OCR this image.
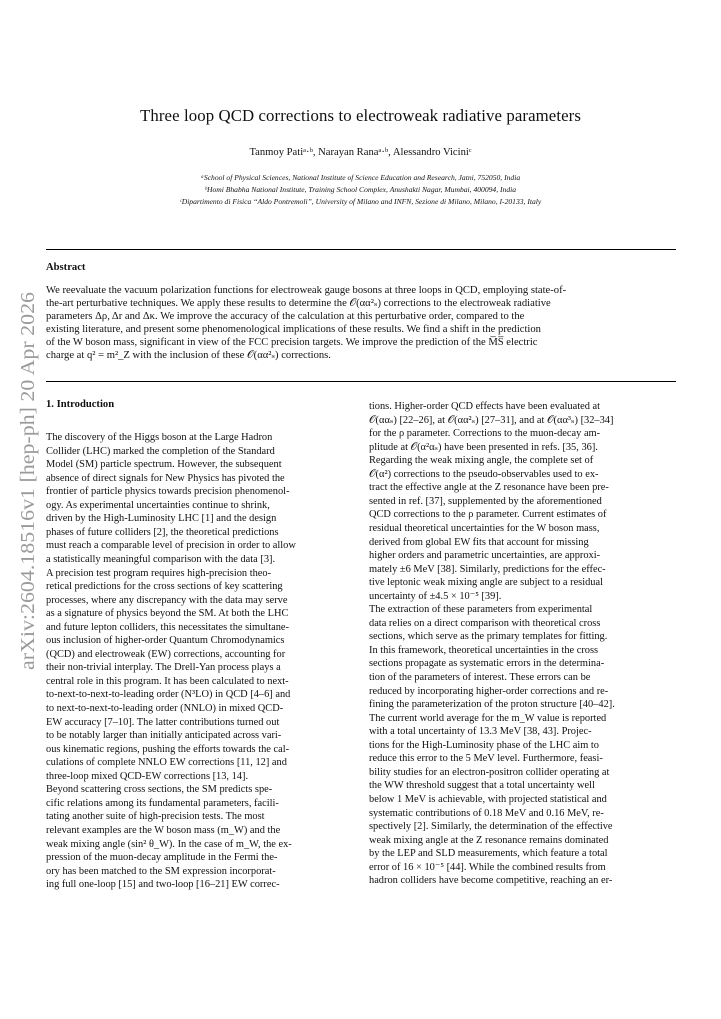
arXiv:2604.18516v1 [hep-ph] 20 Apr 2026
Three loop QCD corrections to electroweak radiative parameters
Tanmoy Patiᵃ·ᵇ, Narayan Ranaᵃ·ᵇ, Alessandro Viciniᶜ
ᵃSchool of Physical Sciences, National Institute of Science Education and Research, Jatni, 752050, India
ᵇHomi Bhabha National Institute, Training School Complex, Anushakti Nagar, Mumbai, 400094, India
ᶜDipartimento di Fisica “Aldo Pontremoli”, University of Milano and INFN, Sezione di Milano, Milano, I-20133, Italy
Abstract
We reevaluate the vacuum polarization functions for electroweak gauge bosons at three loops in QCD, employing state-of-
the-art perturbative techniques. We apply these results to determine the 𝒪(αα²ₛ) corrections to the electroweak radiative
parameters Δρ, Δr and Δκ. We improve the accuracy of the calculation at this perturbative order, compared to the
existing literature, and present some phenomenological implications of these results. We find a shift in the prediction
of the W boson mass, significant in view of the FCC precision targets. We improve the prediction of the M̅S̅ electric
charge at q² = m²_Z with the inclusion of these 𝒪(αα²ₛ) corrections.
1. Introduction
The discovery of the Higgs boson at the Large Hadron
Collider (LHC) marked the completion of the Standard
Model (SM) particle spectrum. However, the subsequent
absence of direct signals for New Physics has pivoted the
frontier of particle physics towards precision phenomenol-
ogy. As experimental uncertainties continue to shrink,
driven by the High-Luminosity LHC [1] and the design
phases of future colliders [2], the theoretical predictions
must reach a comparable level of precision in order to allow
a statistically meaningful comparison with the data [3].
A precision test program requires high-precision theo-
retical predictions for the cross sections of key scattering
processes, where any discrepancy with the data may serve
as a signature of physics beyond the SM. At both the LHC
and future lepton colliders, this necessitates the simultane-
ous inclusion of higher-order Quantum Chromodynamics
(QCD) and electroweak (EW) corrections, accounting for
their non-trivial interplay. The Drell-Yan process plays a
central role in this program. It has been calculated to next-
to-next-to-next-to-leading order (N³LO) in QCD [4–6] and
to next-to-next-to-leading order (NNLO) in mixed QCD-
EW accuracy [7–10]. The latter contributions turned out
to be notably larger than initially anticipated across vari-
ous kinematic regions, pushing the efforts towards the cal-
culations of complete NNLO EW corrections [11, 12] and
three-loop mixed QCD-EW corrections [13, 14].
Beyond scattering cross sections, the SM predicts spe-
cific relations among its fundamental parameters, facili-
tating another suite of high-precision tests. The most
relevant examples are the W boson mass (m_W) and the
weak mixing angle (sin² θ_W). In the case of m_W, the ex-
pression of the muon-decay amplitude in the Fermi the-
ory has been matched to the SM expression incorporat-
ing full one-loop [15] and two-loop [16–21] EW correc-
tions. Higher-order QCD effects have been evaluated at
𝒪(ααₛ) [22–26], at 𝒪(αα²ₛ) [27–31], and at 𝒪(αα³ₛ) [32–34]
for the ρ parameter. Corrections to the muon-decay am-
plitude at 𝒪(α²αₛ) have been presented in refs. [35, 36].
Regarding the weak mixing angle, the complete set of
𝒪(α²) corrections to the pseudo-observables used to ex-
tract the effective angle at the Z resonance have been pre-
sented in ref. [37], supplemented by the aforementioned
QCD corrections to the ρ parameter. Current estimates of
residual theoretical uncertainties for the W boson mass,
derived from global EW fits that account for missing
higher orders and parametric uncertainties, are approxi-
mately ±6 MeV [38]. Similarly, predictions for the effec-
tive leptonic weak mixing angle are subject to a residual
uncertainty of ±4.5 × 10⁻⁵ [39].
The extraction of these parameters from experimental
data relies on a direct comparison with theoretical cross
sections, which serve as the primary templates for fitting.
In this framework, theoretical uncertainties in the cross
sections propagate as systematic errors in the determina-
tion of the parameters of interest. These errors can be
reduced by incorporating higher-order corrections and re-
fining the parameterization of the proton structure [40–42].
The current world average for the m_W value is reported
with a total uncertainty of 13.3 MeV [38, 43]. Projec-
tions for the High-Luminosity phase of the LHC aim to
reduce this error to the 5 MeV level. Furthermore, feasi-
bility studies for an electron-positron collider operating at
the WW threshold suggest that a total uncertainty well
below 1 MeV is achievable, with projected statistical and
systematic contributions of 0.18 MeV and 0.16 MeV, re-
spectively [2]. Similarly, the determination of the effective
weak mixing angle at the Z resonance remains dominated
by the LEP and SLD measurements, which feature a total
error of 16 × 10⁻⁵ [44]. While the combined results from
hadron colliders have become competitive, reaching an er-
